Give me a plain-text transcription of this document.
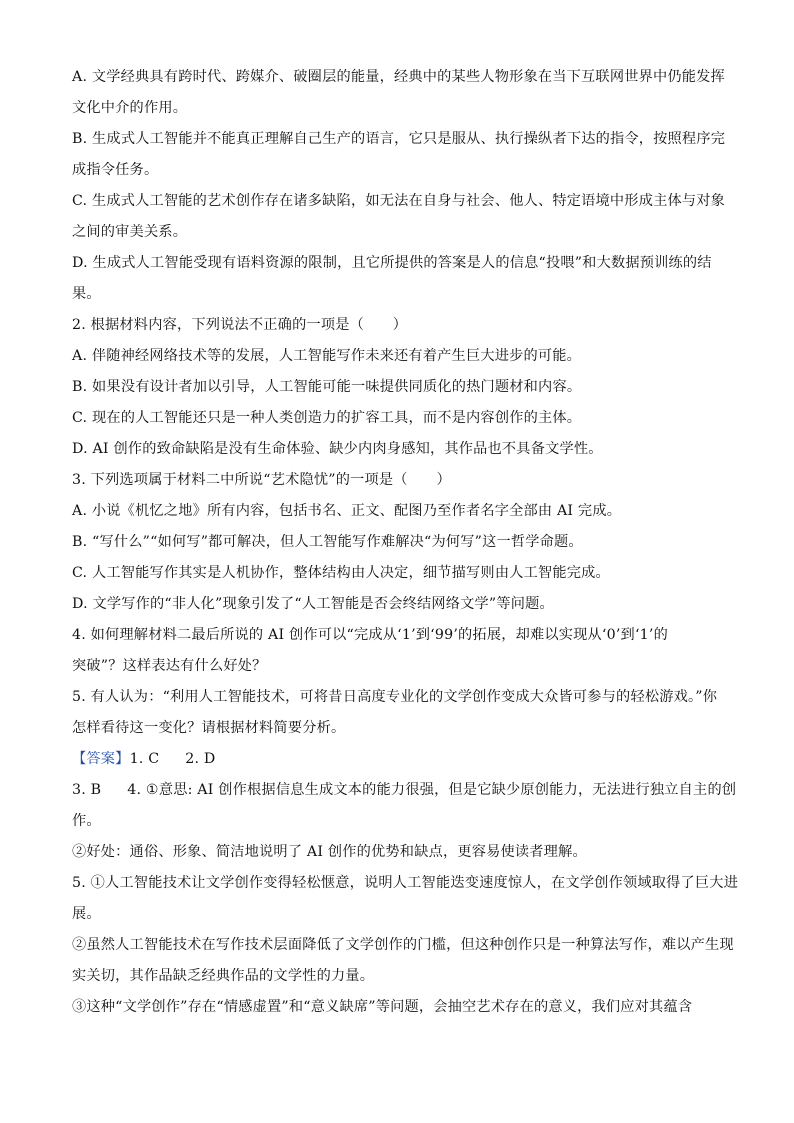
A. 文学经典具有跨时代、跨媒介、破圈层的能量，经典中的某些人物形象在当下互联网世界中仍能发挥
文化中介的作用。
B. 生成式人工智能并不能真正理解自己生产的语言，它只是服从、执行操纵者下达的指令，按照程序完
成指令任务。
C. 生成式人工智能的艺术创作存在诸多缺陷，如无法在自身与社会、他人、特定语境中形成主体与对象
之间的审美关系。
D. 生成式人工智能受现有语料资源的限制，且它所提供的答案是人的信息“投喂”和大数据预训练的结
果。
2. 根据材料内容，下列说法不正确的一项是（　　）
A. 伴随神经网络技术等的发展，人工智能写作未来还有着产生巨大进步的可能。
B. 如果没有设计者加以引导，人工智能可能一味提供同质化的热门题材和内容。
C. 现在的人工智能还只是一种人类创造力的扩容工具，而不是内容创作的主体。
D. AI 创作的致命缺陷是没有生命体验、缺少内肉身感知，其作品也不具备文学性。
3. 下列选项属于材料二中所说“艺术隐忧”的一项是（　　）
A. 小说《机忆之地》所有内容，包括书名、正文、配图乃至作者名字全部由 AI 完成。
B. “写什么”“如何写”都可解决，但人工智能写作难解决“为何写”这一哲学命题。
C. 人工智能写作其实是人机协作，整体结构由人决定，细节描写则由人工智能完成。
D. 文学写作的“非人化”现象引发了“人工智能是否会终结网络文学”等问题。
4. 如何理解材料二最后所说的 AI 创作可以“完成从‘1’到‘99’的拓展，却难以实现从‘0’到‘1’的
突破”？这样表达有什么好处？
5. 有人认为：“利用人工智能技术，可将昔日高度专业化的文学创作变成大众皆可参与的轻松游戏。”你
怎样看待这一变化？请根据材料简要分析。
【答案】1. C 2. D
3. B 4. ①意思: AI 创作根据信息生成文本的能力很强，但是它缺少原创能力，无法进行独立自主的创
作。
②好处：通俗、形象、简洁地说明了 AI 创作的优势和缺点，更容易使读者理解。
5. ①人工智能技术让文学创作变得轻松惬意，说明人工智能迭变速度惊人，在文学创作领域取得了巨大进
展。
②虽然人工智能技术在写作技术层面降低了文学创作的门槛，但这种创作只是一种算法写作，难以产生现
实关切，其作品缺乏经典作品的文学性的力量。
③这种“文学创作”存在“情感虚置”和“意义缺席”等问题，会抽空艺术存在的意义，我们应对其蕴含
